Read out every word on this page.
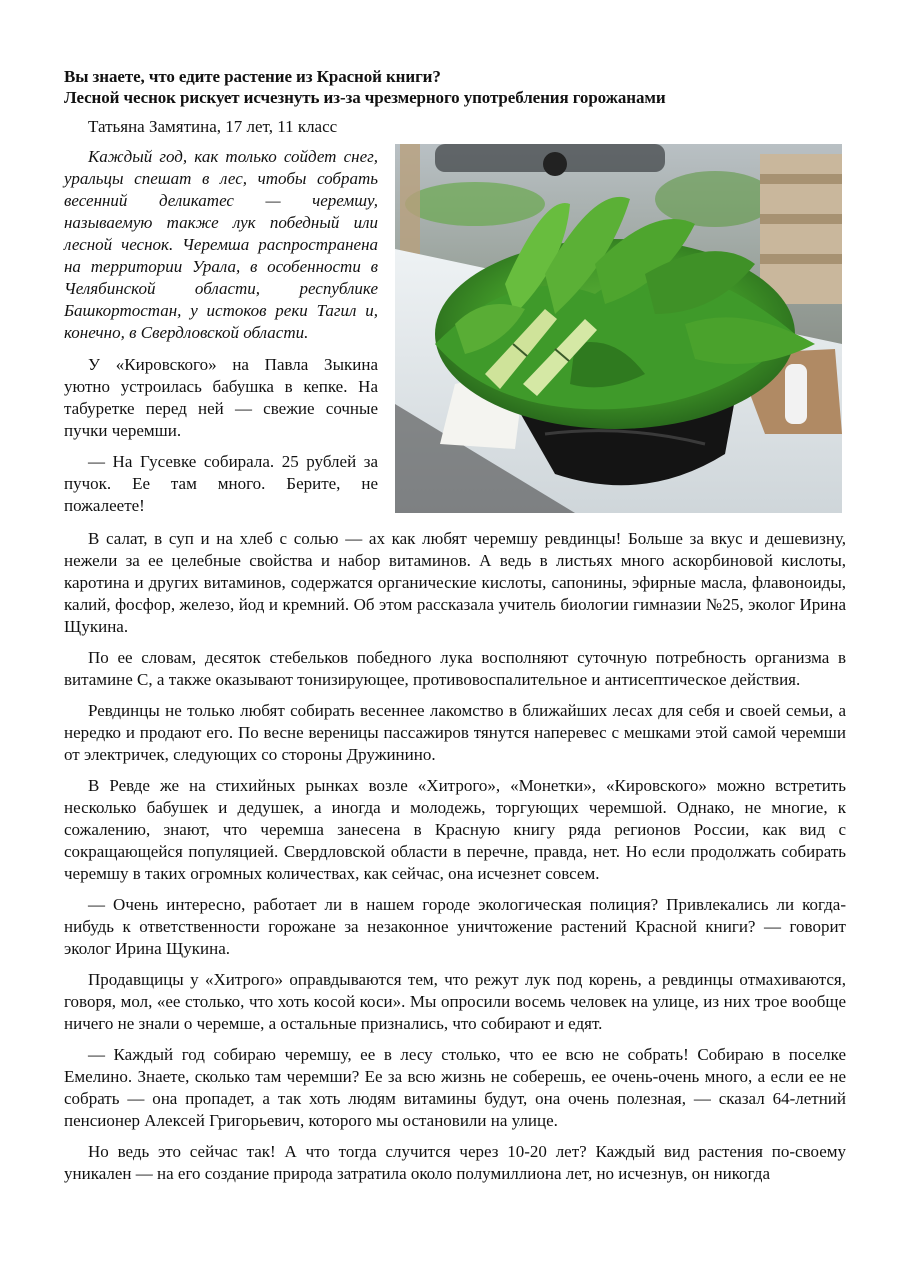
Вы знаете, что едите растение из Красной книги?
Лесной чеснок рискует исчезнуть из-за чрезмерного употребления горожанами
Татьяна Замятина, 17 лет, 11 класс

Каждый год, как только сойдет снег, уральцы спешат в лес, чтобы собрать весенний деликатес — черемшу, называемую также лук победный или лесной чеснок. Черемша распространена на территории Урала, в особенности в Челябинской области, республике Башкортостан, у истоков реки Тагил и, конечно, в Свердловской области.

У «Кировского» на Павла Зыкина уютно устроилась бабушка в кепке. На табуретке перед ней — свежие сочные пучки черемши.

— На Гусевке собирала. 25 рублей за пучок. Ее там много. Берите, не пожалеете!

В салат, в суп и на хлеб с солью — ах как любят черемшу ревдинцы! Больше за вкус и дешевизну, нежели за ее целебные свойства и набор витаминов. А ведь в листьях много аскорбиновой кислоты, каротина и других витаминов, содержатся органические кислоты, сапонины, эфирные масла, флавоноиды, калий, фосфор, железо, йод и кремний. Об этом рассказала учитель биологии гимназии №25, эколог Ирина Щукина.

По ее словам, десяток стебельков победного лука восполняют суточную потребность организма в витамине С, а также оказывают тонизирующее, противовоспалительное и антисептическое действия.

Ревдинцы не только любят собирать весеннее лакомство в ближайших лесах для себя и своей семьи, а нередко и продают его. По весне вереницы пассажиров тянутся наперевес с мешками этой самой черемши от электричек, следующих со стороны Дружинино.

В Ревде же на стихийных рынках возле «Хитрого», «Монетки», «Кировского» можно встретить несколько бабушек и дедушек, а иногда и молодежь, торгующих черемшой. Однако, не многие, к сожалению, знают, что черемша занесена в Красную книгу ряда регионов России, как вид с сокращающейся популяцией. Свердловской области в перечне, правда, нет. Но если продолжать собирать черемшу в таких огромных количествах, как сейчас, она исчезнет совсем.

— Очень интересно, работает ли в нашем городе экологическая полиция? Привлекались ли когда-нибудь к ответственности горожане за незаконное уничтожение растений Красной книги? — говорит эколог Ирина Щукина.

Продавщицы у «Хитрого» оправдываются тем, что режут лук под корень, а ревдинцы отмахиваются, говоря, мол, «ее столько, что хоть косой коси». Мы опросили восемь человек на улице, из них трое вообще ничего не знали о черемше, а остальные признались, что собирают и едят.

— Каждый год собираю черемшу, ее в лесу столько, что ее всю не собрать! Собираю в поселке Емелино. Знаете, сколько там черемши? Ее за всю жизнь не соберешь, ее очень-очень много, а если ее не собрать — она пропадет, а так хоть людям витамины будут, она очень полезная, — сказал 64-летний пенсионер Алексей Григорьевич, которого мы остановили на улице.

Но ведь это сейчас так! А что тогда случится через 10-20 лет? Каждый вид растения по-своему уникален — на его создание природа затратила около полумиллиона лет, но исчезнув, он никогда
